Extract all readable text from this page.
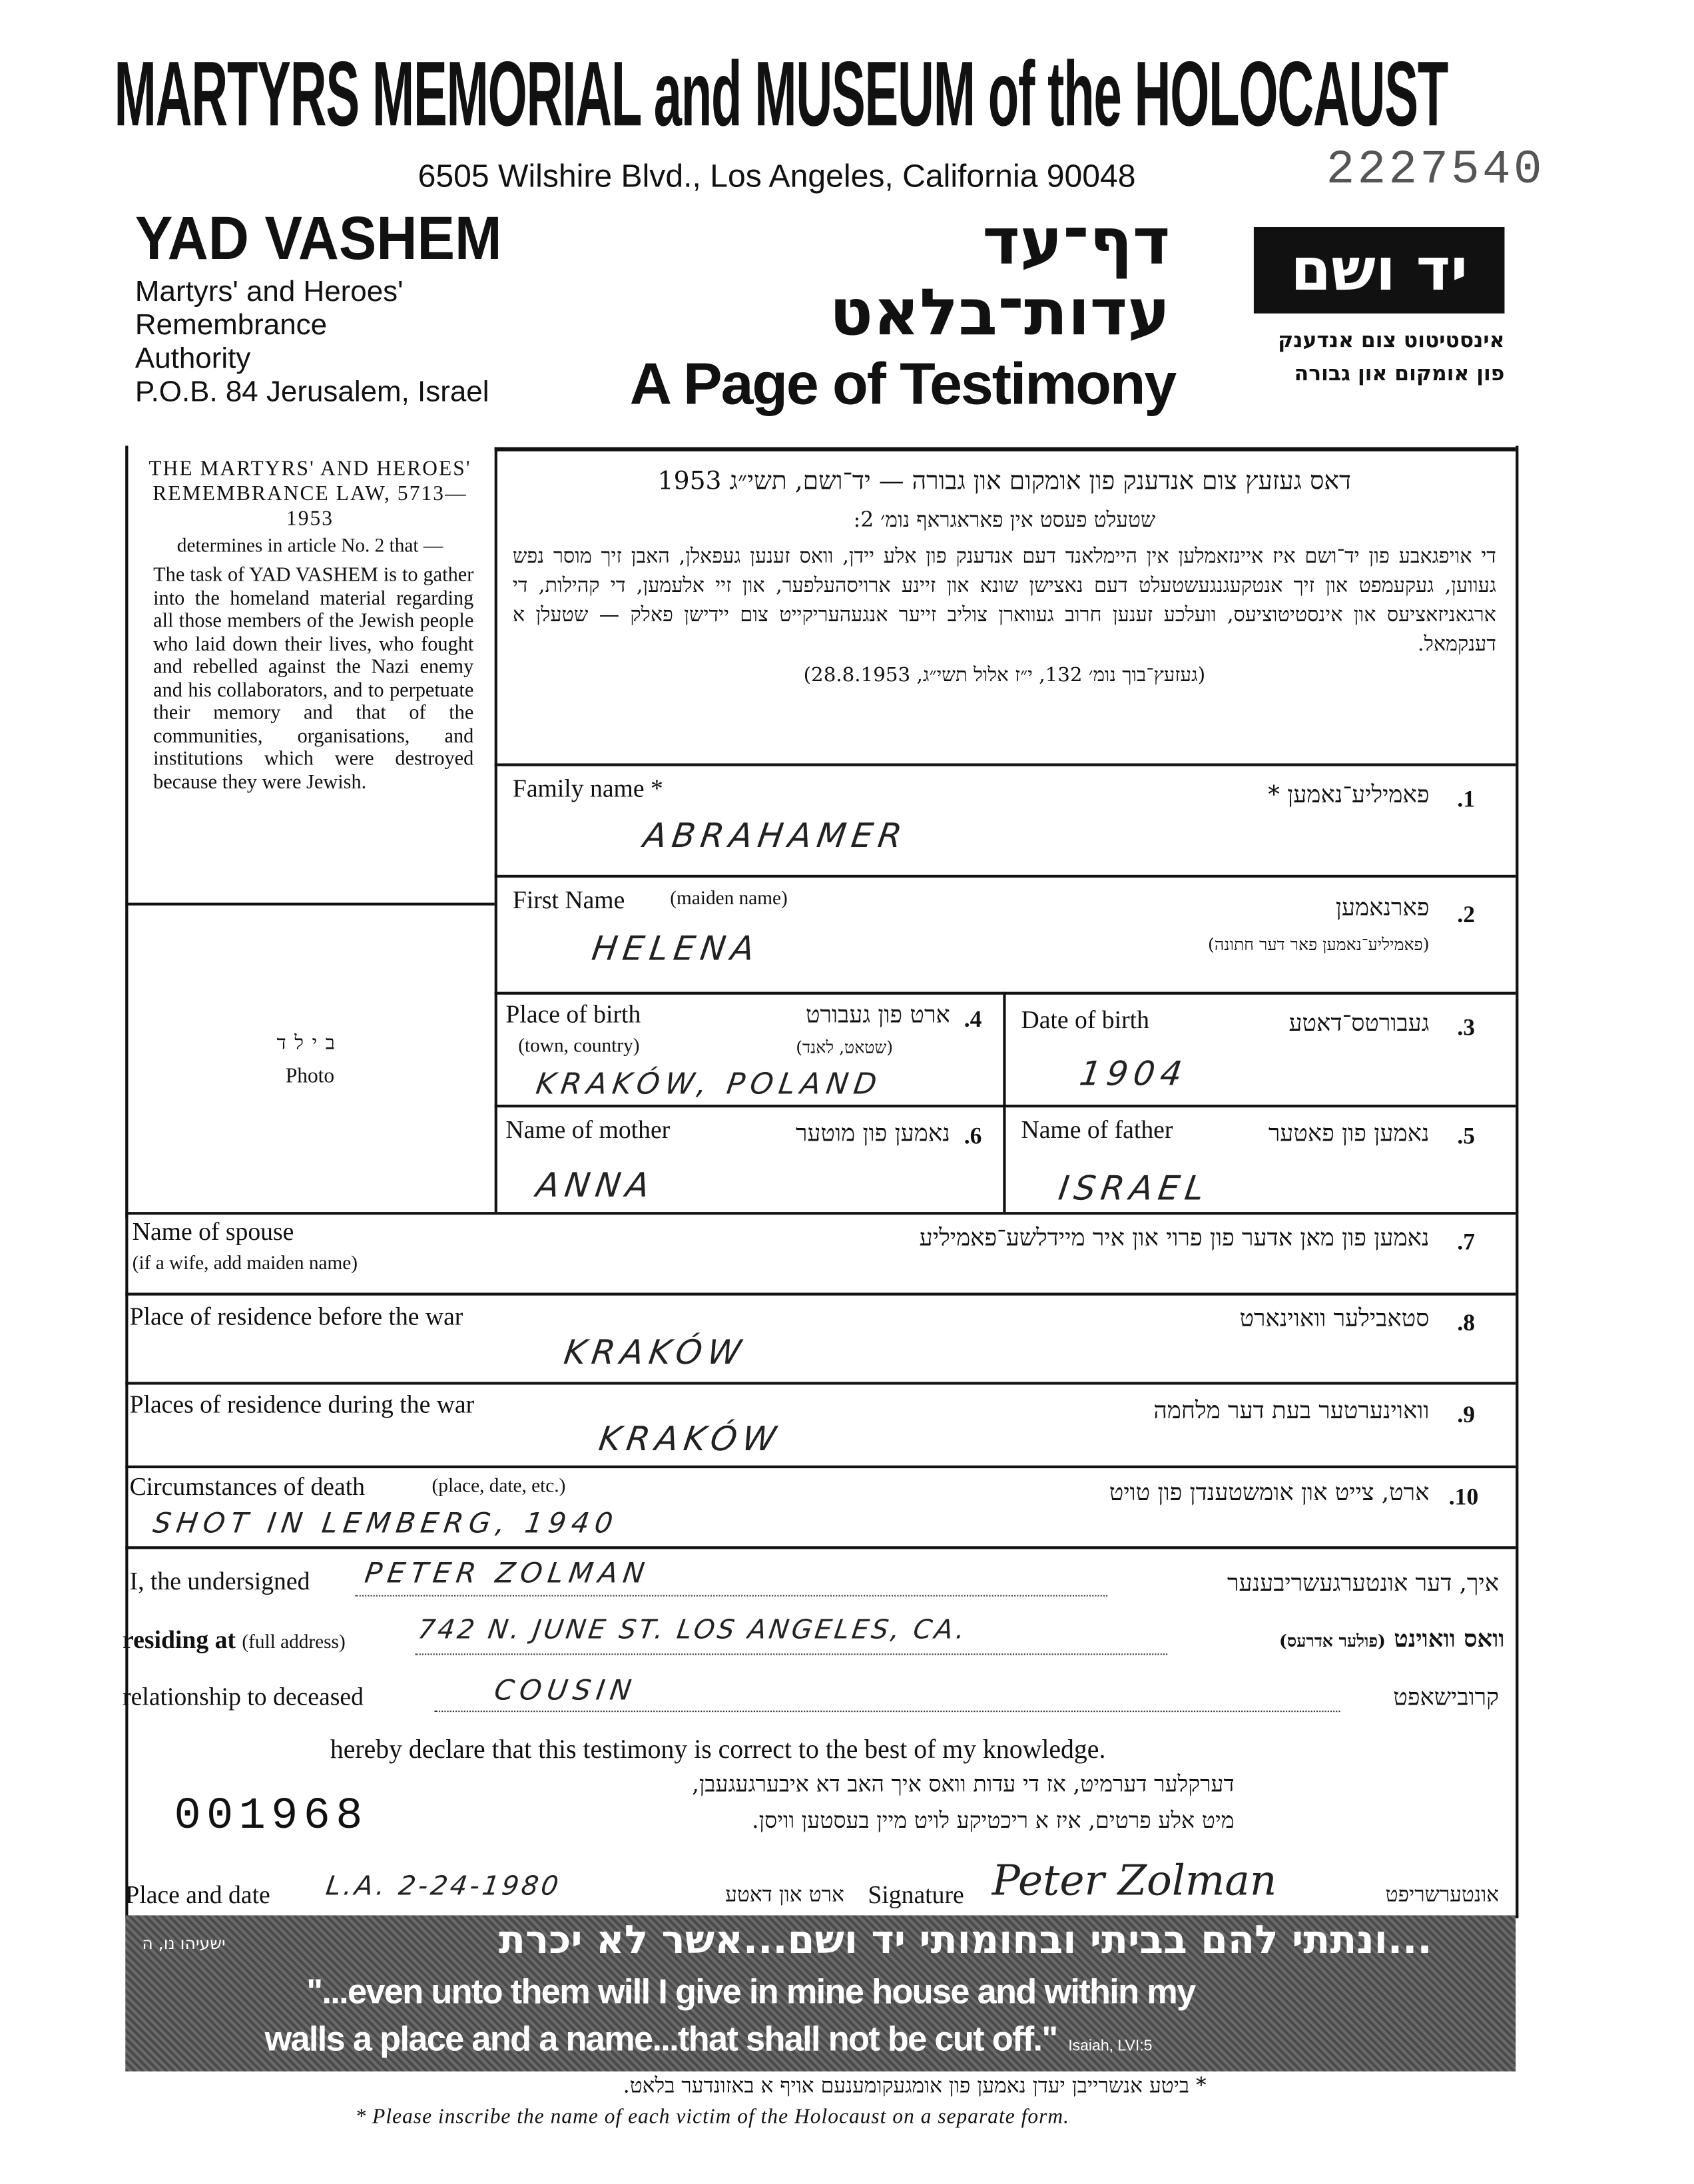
MARTYRS MEMORIAL and MUSEUM of the HOLOCAUST
6505 Wilshire Blvd., Los Angeles, California 90048	2227540
YAD VASHEM
Martyrs' and Heroes'
Remembrance
Authority
P.O.B. 84 Jerusalem, Israel
דף־עד
עדות־בלאט
A Page of Testimony
יד ושם
אינסטיטוט צום אנדענק
פון אומקום און גבורה
THE MARTYRS' AND HEROES' REMEMBRANCE LAW, 5713—1953
determines in article No. 2 that —
The task of YAD VASHEM is to gather into the homeland material regarding all those members of the Jewish people who laid down their lives, who fought and rebelled against the Nazi enemy and his collaborators, and to perpetuate their memory and that of the communities, organisations, and institutions which were destroyed because they were Jewish.
בילד
Photo
דאס געזעץ צום אנדענק פון אומקום און גבורה — יד־ושם, תשי״ג 1953
שטעלט פעסט אין פאראגראף נומ׳ 2:
די אויפגאבע פון יד־ושם איז איינזאמלען אין היימלאנד דעם אנדענק פון אלע יידן, וואס זענען געפאלן, האבן זיך מוסר נפש געווען, געקעמפט און זיך אנטקעגנגעשטעלט דעם נאצישן שונא און זיינע ארויסהעלפער, און זיי אלעמען, די קהילות, די ארגאניזאציעס און אינסטיטוציעס, וועלכע זענען חרוב געווארן צוליב זייער אנגעהעריקייט צום יידישן פאלק — שטעלן א דענקמאל.
(געזעץ־בוך נומ׳ 132, י״ז אלול תשי״ג, 28.8.1953)
Family name *	פאמיליע־נאמען * .1
ABRAHAMER
First Name	(maiden name)	פארנאמען
(פאמיליע־נאמען פאר דער חתונה)
.2
HELENA
Place of birth
(town, country)
ארט פון געבורט
(שטאט, לאנד)
.4
KRAKÓW, POLAND
Date of birth	געבורטס־דאטע .3
1904
Name of mother	נאמען פון מוטער .6
ANNA
Name of father	נאמען פון פאטער .5
ISRAEL
Name of spouse
(if a wife, add maiden name)
נאמען פון מאן אדער פון פרוי און איר מיידלשע־פאמיליע .7
Place of residence before the war	סטאבילער וואוינארט .8
KRAKÓW
Places of residence during the war	וואוינערטער בעת דער מלחמה .9
KRAKÓW
Circumstances of death	(place, date, etc.)	ארט, צייט און אומשטענדן פון טויט .10
SHOT IN LEMBERG, 1940
I, the undersigned	PETER ZOLMAN	איך, דער אונטערגעשריבענער
residing at (full address)	742 N. JUNE ST. LOS ANGELES, CA.	וואס וואוינט (פולער אדרעס)
relationship to deceased	COUSIN	קרובישאפט
hereby declare that this testimony is correct to the best of my knowledge.
דערקלער דערמיט, אז די עדות וואס איך האב דא איבערגעגעבן,
מיט אלע פרטים, איז א ריכטיקע לויט מיין בעסטען וויסן.
001968
Place and date	L.A. 2-24-1980	ארט און דאטע Signature Peter Zolman	אונטערשריפט
...ונתתי להם בביתי ובחומותי יד ושם...אשר לא יכרת
ישעיהו נו, ה
"...even unto them will I give in mine house and within my
walls a place and a name...that shall not be cut off." Isaiah, LVI:5
* ביטע אנשרייבן יעדן נאמען פון אומגעקומענעם אויף א באזונדער בלאט.
* Please inscribe the name of each victim of the Holocaust on a separate form.
